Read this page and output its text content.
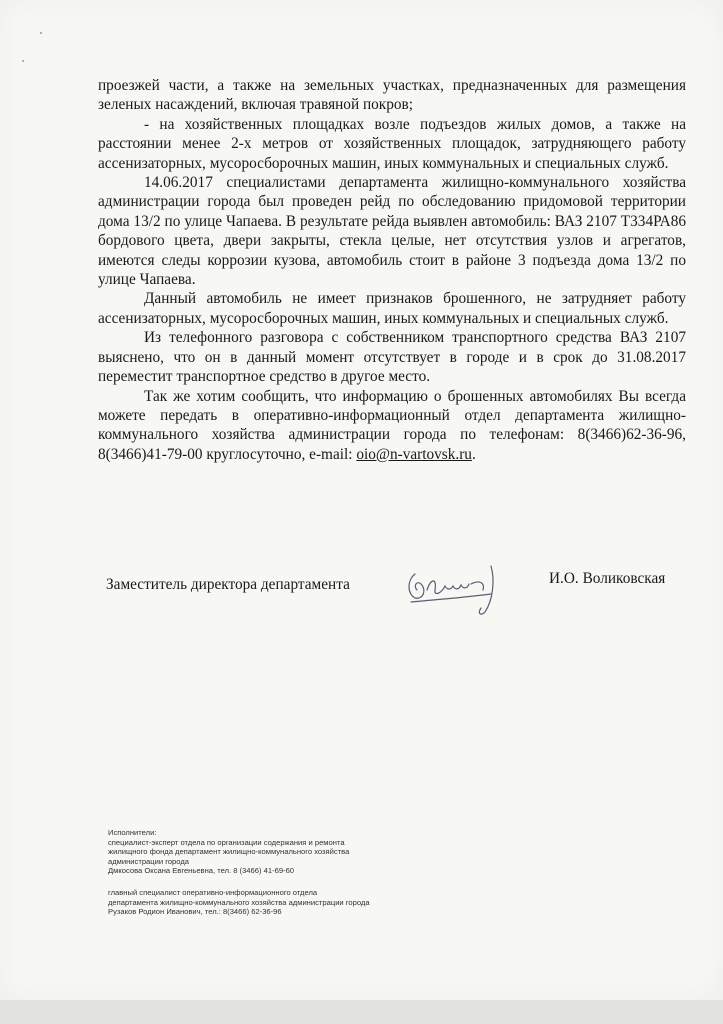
проезжей части, а также на земельных участках, предназначенных для размещения зеленых насаждений, включая травяной покров;

- на хозяйственных площадках возле подъездов жилых домов, а также на расстоянии менее 2-х метров от хозяйственных площадок, затрудняющего работу ассенизаторных, мусоросборочных машин, иных коммунальных и специальных служб.

14.06.2017 специалистами департамента жилищно-коммунального хозяйства администрации города был проведен рейд по обследованию придомовой территории дома 13/2 по улице Чапаева. В результате рейда выявлен автомобиль: ВАЗ 2107 Т334РА86 бордового цвета, двери закрыты, стекла целые, нет отсутствия узлов и агрегатов, имеются следы коррозии кузова, автомобиль стоит в районе 3 подъезда дома 13/2 по улице Чапаева.

Данный автомобиль не имеет признаков брошенного, не затрудняет работу ассенизаторных, мусоросборочных машин, иных коммунальных и специальных служб.

Из телефонного разговора с собственником транспортного средства ВАЗ 2107 выяснено, что он в данный момент отсутствует в городе и в срок до 31.08.2017 переместит транспортное средство в другое место.

Так же хотим сообщить, что информацию о брошенных автомобилях Вы всегда можете передать в оперативно-информационный отдел департамента жилищно-коммунального хозяйства администрации города по телефонам: 8(3466)62-36-96, 8(3466)41-79-00 круглосуточно, e-mail: oio@n-vartovsk.ru.

Заместитель директора департамента	И.О. Воликовская

Исполнители:

специалист-эксперт отдела по организации содержания и ремонта

жилищного фонда департамент жилищно-коммунального хозяйства

администрации города

Дмкосова Оксана Евгеньевна, тел. 8 (3466) 41-69-60

главный специалист оперативно-информационного отдела

департамента жилищно-коммунального хозяйства администрации города

Рузаков Родион Иванович, тел.: 8(3466) 62-36-96
